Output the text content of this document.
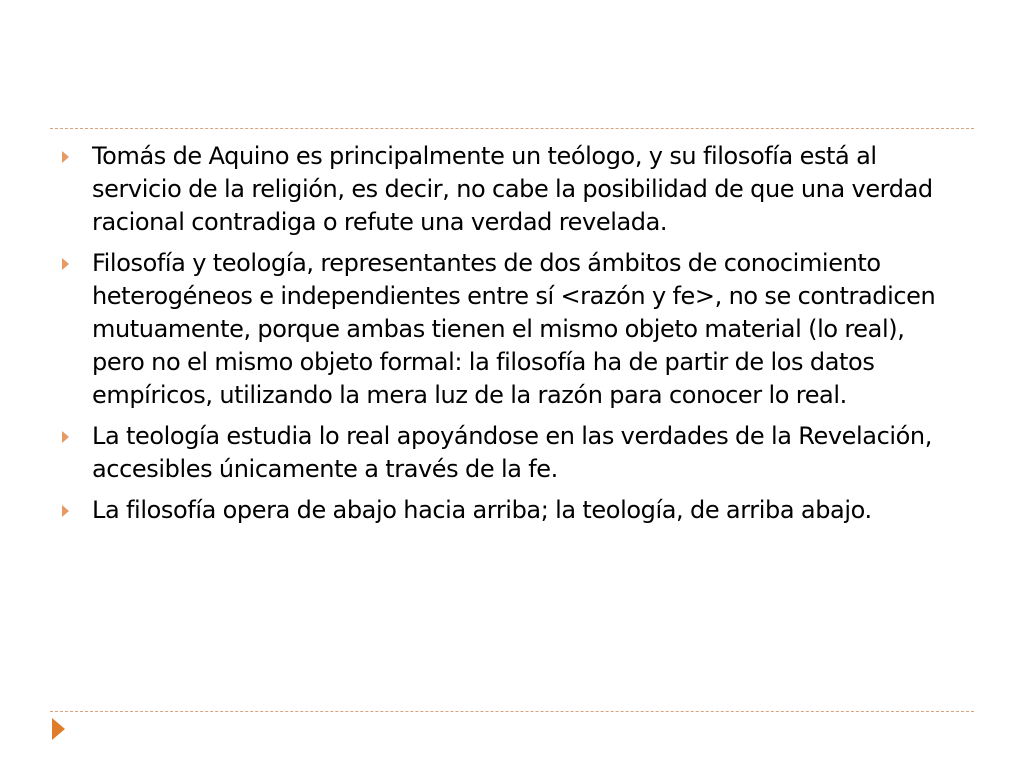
Tomás de Aquino es principalmente un teólogo, y su filosofía está al servicio de la religión, es decir, no cabe la posibilidad de que una verdad racional contradiga o refute una verdad revelada.
Filosofía y teología, representantes de dos ámbitos de conocimiento heterogéneos e independientes entre sí <razón y fe>, no se contradicen mutuamente, porque ambas tienen el mismo objeto material (lo real), pero no el mismo objeto formal: la filosofía ha de partir de los datos empíricos, utilizando la mera luz de la razón para conocer lo real.
La teología estudia lo real apoyándose en las verdades de la Revelación, accesibles únicamente a través de la fe.
La filosofía opera de abajo hacia arriba; la teología, de arriba abajo.
